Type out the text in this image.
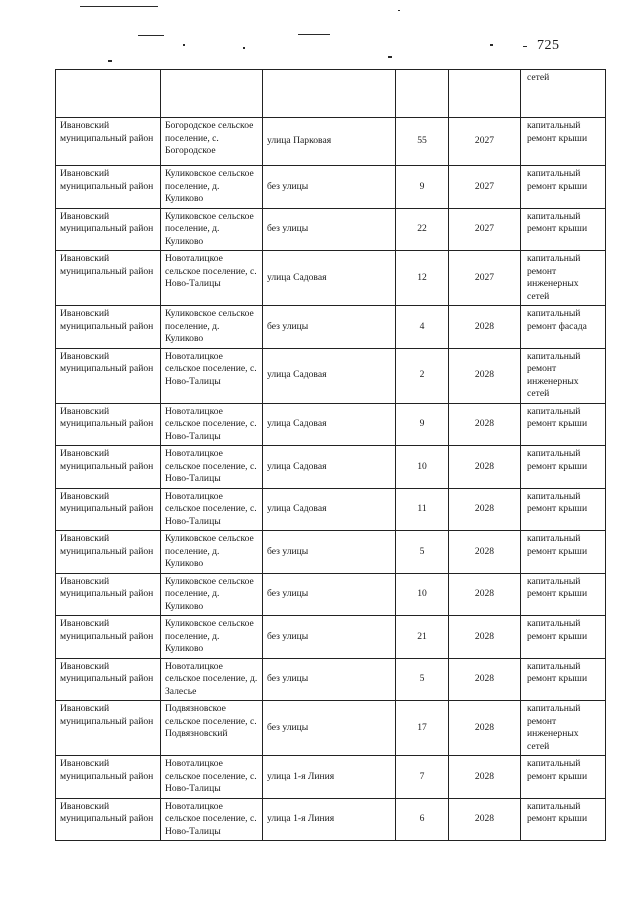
725
					сетей
Ивановский муниципальный район	Богородское сельское поселение, с. Богородское	улица Парковая	55	2027	капитальный ремонт крыши
Ивановский муниципальный район	Куликовское сельское поселение, д. Куликово	без улицы	9	2027	капитальный ремонт крыши
Ивановский муниципальный район	Куликовское сельское поселение, д. Куликово	без улицы	22	2027	капитальный ремонт крыши
Ивановский муниципальный район	Новоталицкое сельское поселение, с. Ново-Талицы	улица Садовая	12	2027	капитальный ремонт инженерных сетей
Ивановский муниципальный район	Куликовское сельское поселение, д. Куликово	без улицы	4	2028	капитальный ремонт фасада
Ивановский муниципальный район	Новоталицкое сельское поселение, с. Ново-Талицы	улица Садовая	2	2028	капитальный ремонт инженерных сетей
Ивановский муниципальный район	Новоталицкое сельское поселение, с. Ново-Талицы	улица Садовая	9	2028	капитальный ремонт крыши
Ивановский муниципальный район	Новоталицкое сельское поселение, с. Ново-Талицы	улица Садовая	10	2028	капитальный ремонт крыши
Ивановский муниципальный район	Новоталицкое сельское поселение, с. Ново-Талицы	улица Садовая	11	2028	капитальный ремонт крыши
Ивановский муниципальный район	Куликовское сельское поселение, д. Куликово	без улицы	5	2028	капитальный ремонт крыши
Ивановский муниципальный район	Куликовское сельское поселение, д. Куликово	без улицы	10	2028	капитальный ремонт крыши
Ивановский муниципальный район	Куликовское сельское поселение, д. Куликово	без улицы	21	2028	капитальный ремонт крыши
Ивановский муниципальный район	Новоталицкое сельское поселение, д. Залесье	без улицы	5	2028	капитальный ремонт крыши
Ивановский муниципальный район	Подвязновское сельское поселение, с. Подвязновский	без улицы	17	2028	капитальный ремонт инженерных сетей
Ивановский муниципальный район	Новоталицкое сельское поселение, с. Ново-Талицы	улица 1-я Линия	7	2028	капитальный ремонт крыши
Ивановский муниципальный район	Новоталицкое сельское поселение, с. Ново-Талицы	улица 1-я Линия	6	2028	капитальный ремонт крыши
